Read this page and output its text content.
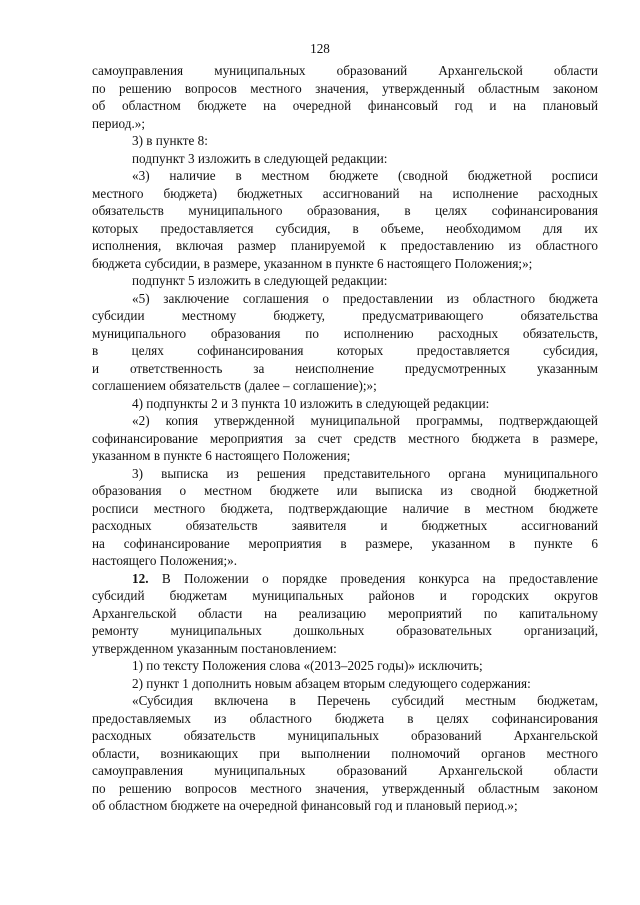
128
самоуправления муниципальных образований Архангельской области
по решению вопросов местного значения, утвержденный областным законом
об областном бюджете на очередной финансовый год и на плановый
период.»;
3) в пункте 8:
подпункт 3 изложить в следующей редакции:
«3) наличие в местном бюджете (сводной бюджетной росписи
местного бюджета) бюджетных ассигнований на исполнение расходных
обязательств муниципального образования, в целях софинансирования
которых предоставляется субсидия, в объеме, необходимом для их
исполнения, включая размер планируемой к предоставлению из областного
бюджета субсидии, в размере, указанном в пункте 6 настоящего Положения;»;
подпункт 5 изложить в следующей редакции:
«5) заключение соглашения о предоставлении из областного бюджета
субсидии местному бюджету, предусматривающего обязательства
муниципального образования по исполнению расходных обязательств,
в целях софинансирования которых предоставляется субсидия,
и ответственность за неисполнение предусмотренных указанным
соглашением обязательств (далее – соглашение);»;
4) подпункты 2 и 3 пункта 10 изложить в следующей редакции:
«2) копия утвержденной муниципальной программы, подтверждающей
софинансирование мероприятия за счет средств местного бюджета в размере,
указанном в пункте 6 настоящего Положения;
3) выписка из решения представительного органа муниципального
образования о местном бюджете или выписка из сводной бюджетной
росписи местного бюджета, подтверждающие наличие в местном бюджете
расходных обязательств заявителя и бюджетных ассигнований
на софинансирование мероприятия в размере, указанном в пункте 6
настоящего Положения;».
12. В Положении о порядке проведения конкурса на предоставление
субсидий бюджетам муниципальных районов и городских округов
Архангельской области на реализацию мероприятий по капитальному
ремонту муниципальных дошкольных образовательных организаций,
утвержденном указанным постановлением:
1) по тексту Положения слова «(2013–2025 годы)» исключить;
2) пункт 1 дополнить новым абзацем вторым следующего содержания:
«Субсидия включена в Перечень субсидий местным бюджетам,
предоставляемых из областного бюджета в целях софинансирования
расходных обязательств муниципальных образований Архангельской
области, возникающих при выполнении полномочий органов местного
самоуправления муниципальных образований Архангельской области
по решению вопросов местного значения, утвержденный областным законом
об областном бюджете на очередной финансовый год и плановый период.»;
